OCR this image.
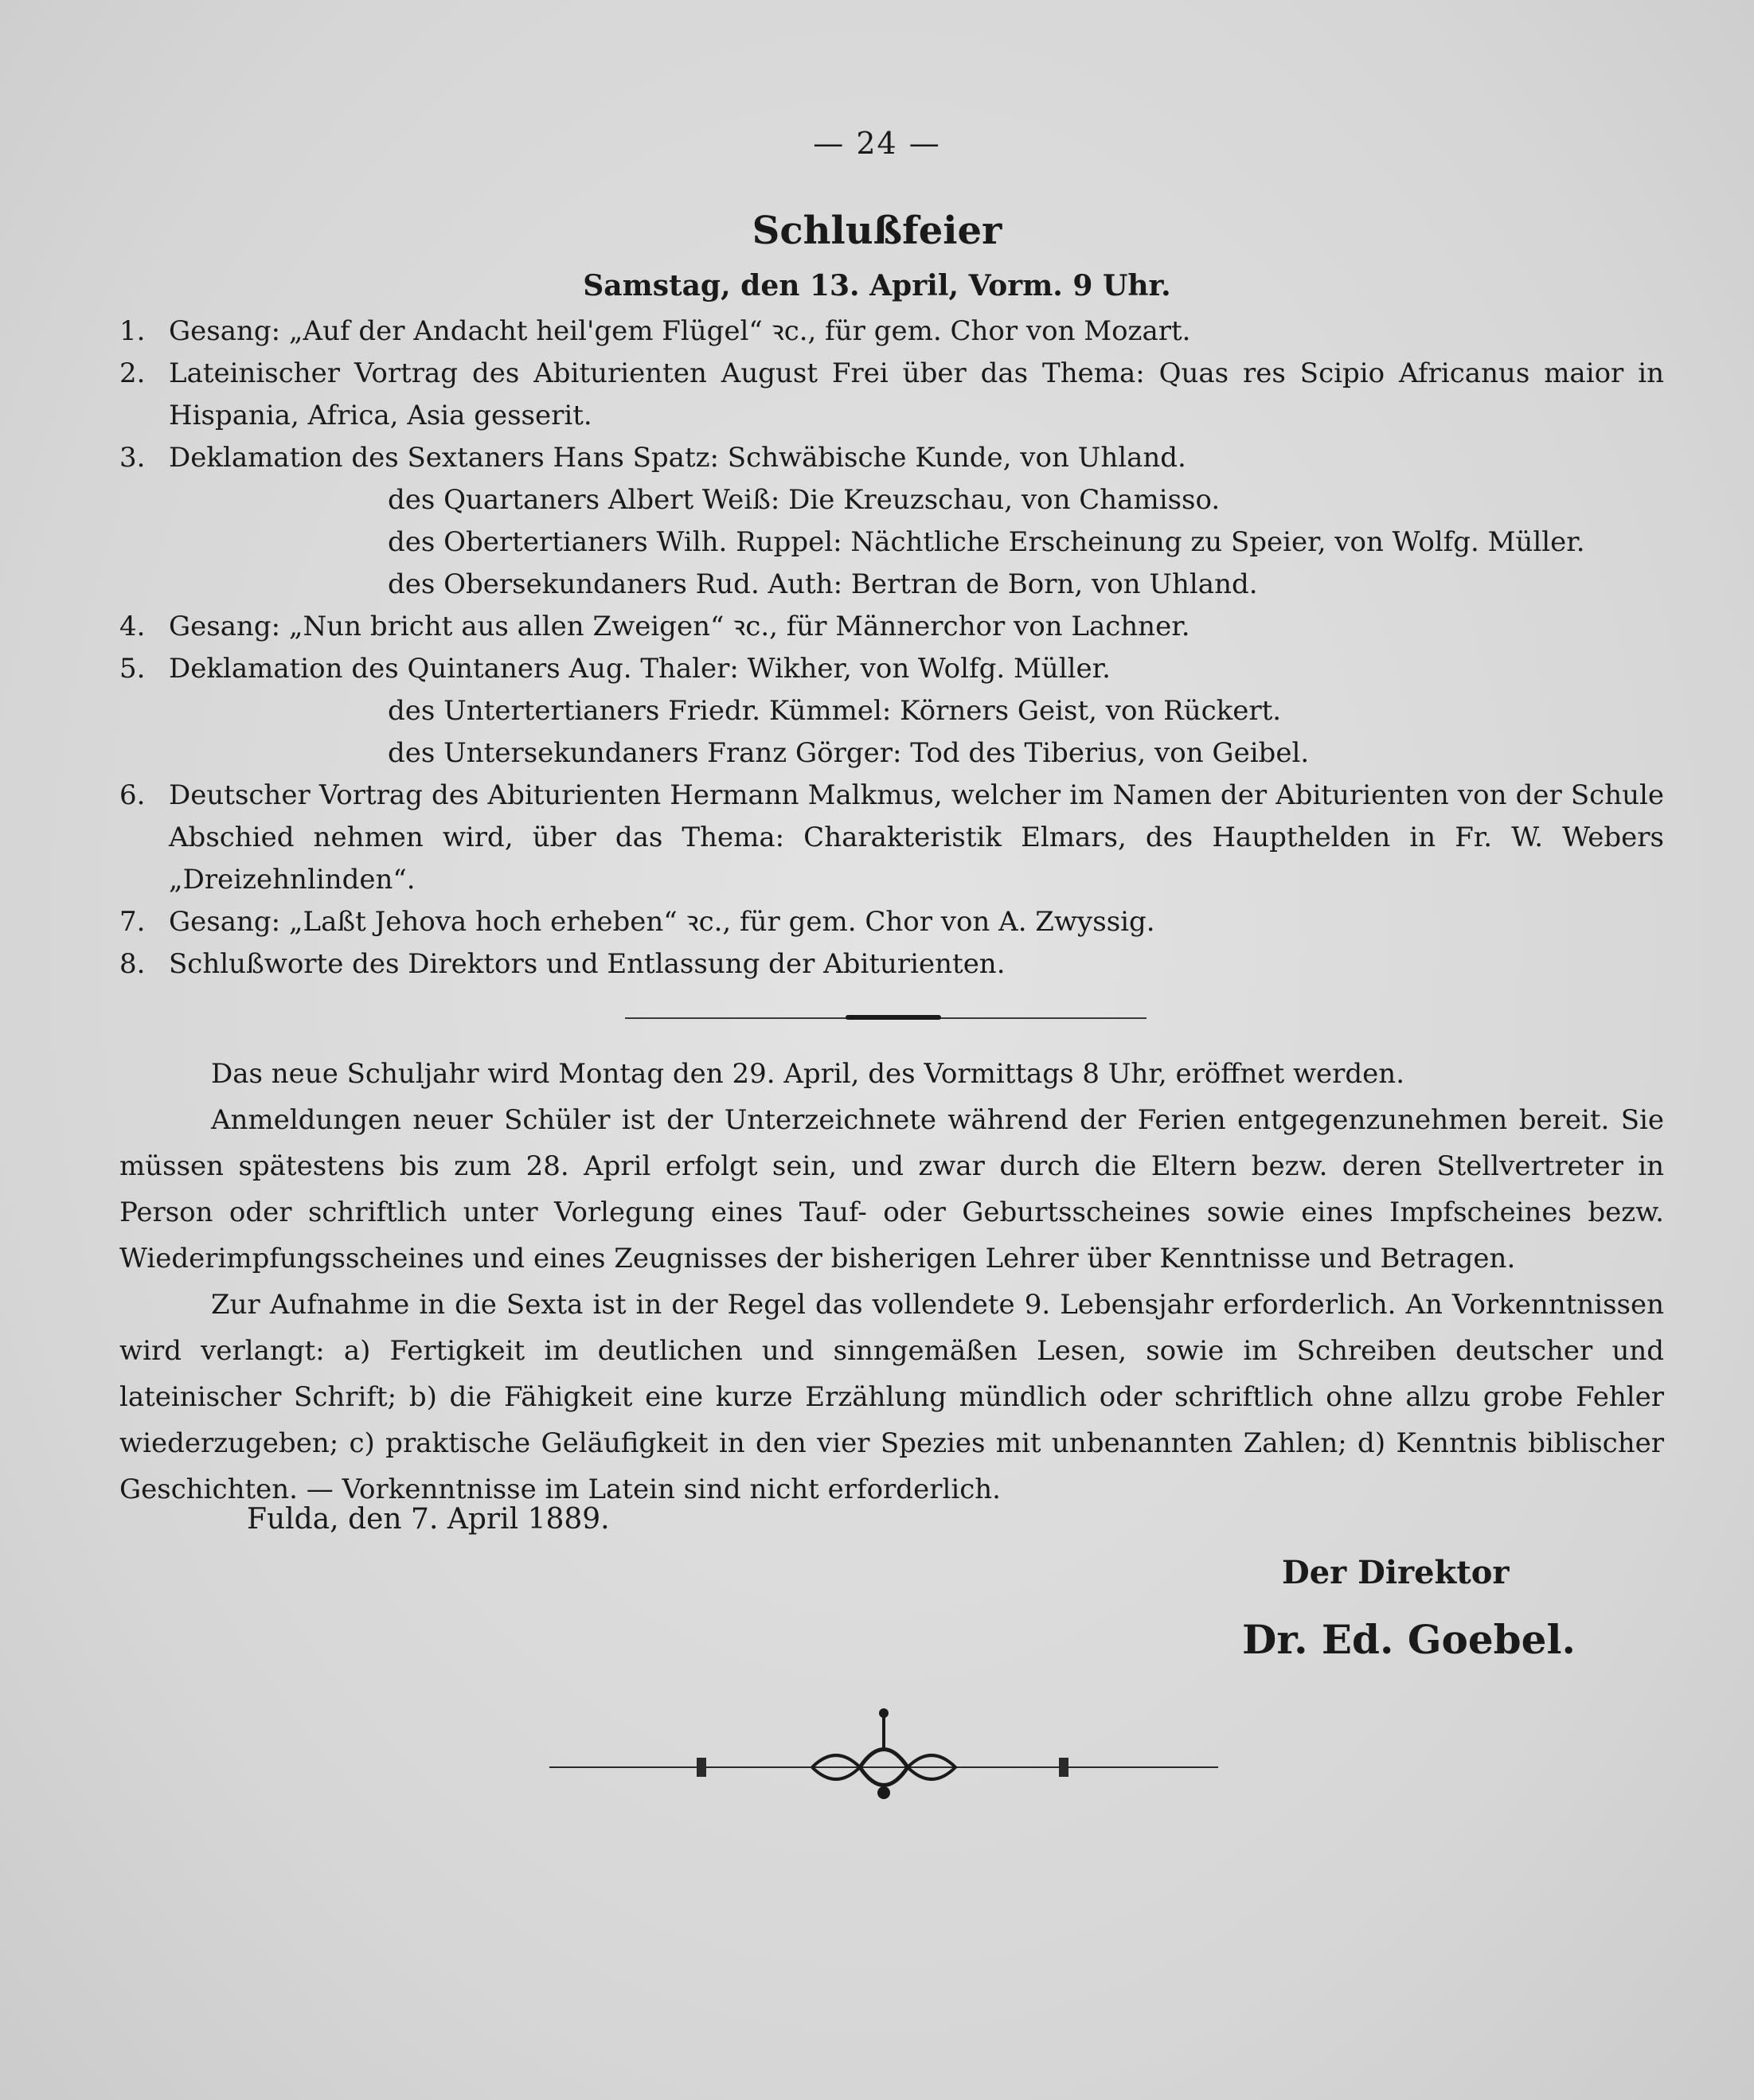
— 24 —
Schlußfeier
Samstag, den 13. April, Vorm. 9 Uhr.
1. Gesang: „Auf der Andacht heil'gem Flügel“ ꝛc., für gem. Chor von Mozart.
2. Lateinischer Vortrag des Abiturienten August Frei über das Thema: Quas res Scipio Africanus maior in Hispania, Africa, Asia gesserit.
3. Deklamation des Sextaners Hans Spatz: Schwäbische Kunde, von Uhland.
des Quartaners Albert Weiß: Die Kreuzschau, von Chamisso.
des Obertertianers Wilh. Ruppel: Nächtliche Erscheinung zu Speier, von Wolfg. Müller.
des Obersekundaners Rud. Auth: Bertran de Born, von Uhland.
4. Gesang: „Nun bricht aus allen Zweigen“ ꝛc., für Männerchor von Lachner.
5. Deklamation des Quintaners Aug. Thaler: Wikher, von Wolfg. Müller.
des Untertertianers Friedr. Kümmel: Körners Geist, von Rückert.
des Untersekundaners Franz Görger: Tod des Tiberius, von Geibel.
6. Deutscher Vortrag des Abiturienten Hermann Malkmus, welcher im Namen der Abiturienten von der Schule Abschied nehmen wird, über das Thema: Charakteristik Elmars, des Haupthelden in Fr. W. Webers „Dreizehnlinden“.
7. Gesang: „Laßt Jehova hoch erheben“ ꝛc., für gem. Chor von A. Zwyssig.
8. Schlußworte des Direktors und Entlassung der Abiturienten.

Das neue Schuljahr wird Montag den 29. April, des Vormittags 8 Uhr, eröffnet werden.

Anmeldungen neuer Schüler ist der Unterzeichnete während der Ferien entgegenzunehmen bereit. Sie müssen spätestens bis zum 28. April erfolgt sein, und zwar durch die Eltern bezw. deren Stellvertreter in Person oder schriftlich unter Vorlegung eines Tauf- oder Geburtsscheines sowie eines Impfscheines bezw. Wiederimpfungsscheines und eines Zeugnisses der bisherigen Lehrer über Kenntnisse und Betragen.

Zur Aufnahme in die Sexta ist in der Regel das vollendete 9. Lebensjahr erforderlich. An Vorkenntnissen wird verlangt: a) Fertigkeit im deutlichen und sinngemäßen Lesen, sowie im Schreiben deutscher und lateinischer Schrift; b) die Fähigkeit eine kurze Erzählung mündlich oder schriftlich ohne allzu grobe Fehler wiederzugeben; c) praktische Geläufigkeit in den vier Spezies mit unbenannten Zahlen; d) Kenntnis biblischer Geschichten. — Vorkenntnisse im Latein sind nicht erforderlich.

Fulda, den 7. April 1889.
Der Direktor
Dr. Ed. Goebel.
